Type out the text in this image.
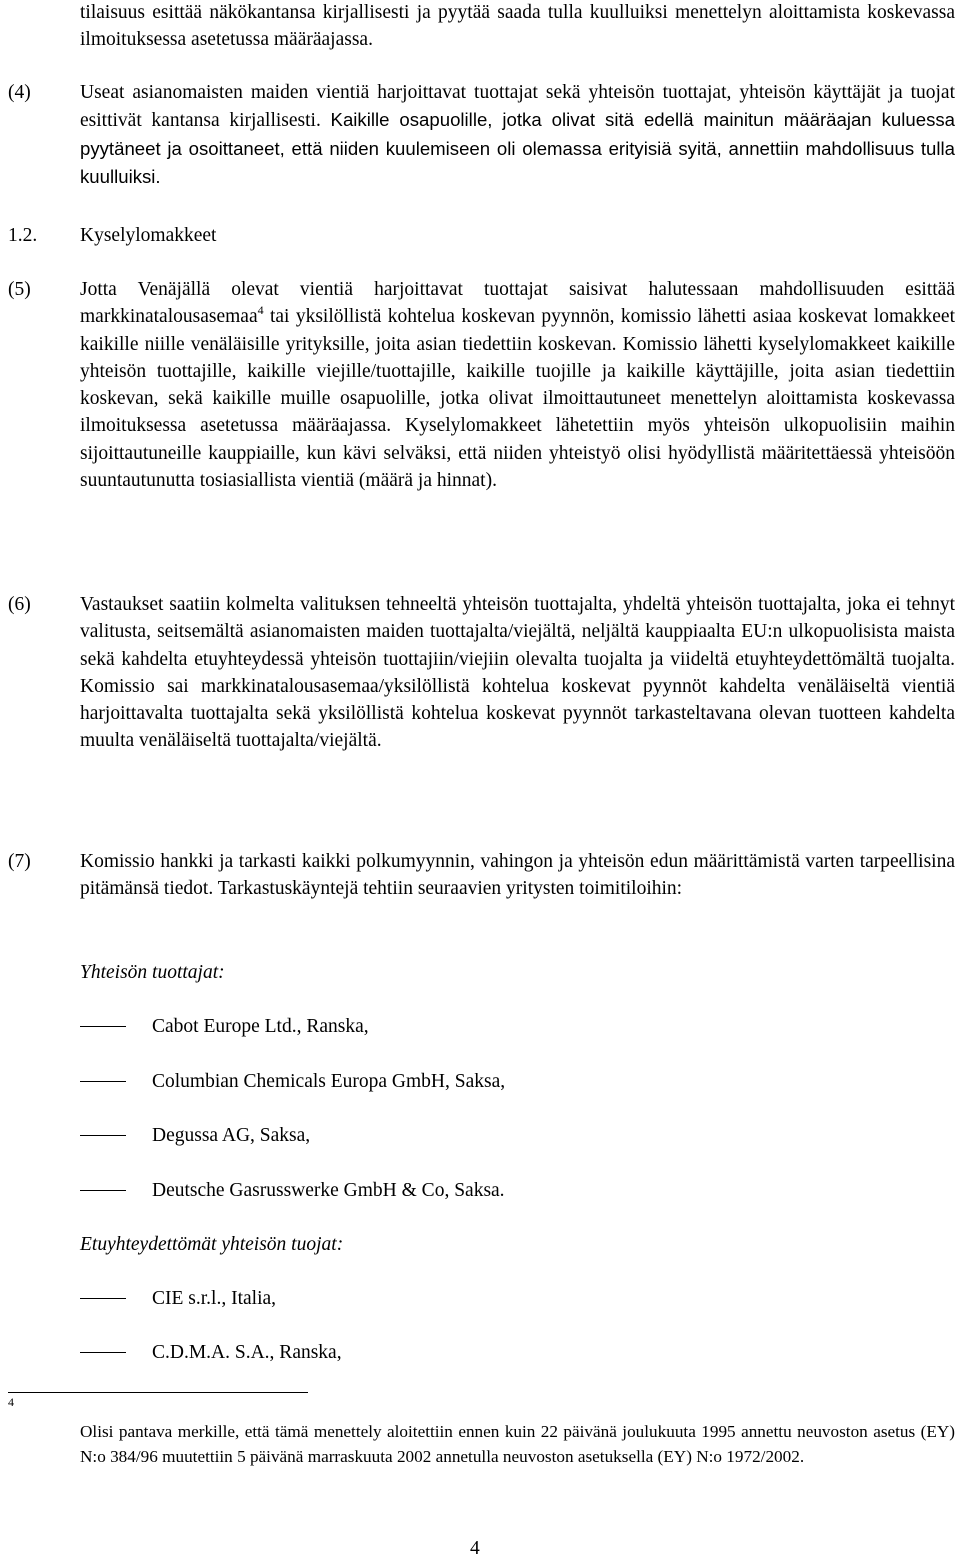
tilaisuus esittää näkökantansa kirjallisesti ja pyytää saada tulla kuulluiksi menettelyn aloittamista koskevassa ilmoituksessa asetetussa määräajassa.
(4)	Useat asianomaisten maiden vientiä harjoittavat tuottajat sekä yhteisön tuottajat, yhteisön käyttäjät ja tuojat esittivät kantansa kirjallisesti. Kaikille osapuolille, jotka olivat sitä edellä mainitun määräajan kuluessa pyytäneet ja osoittaneet, että niiden kuulemiseen oli olemassa erityisiä syitä, annettiin mahdollisuus tulla kuulluiksi.
1.2. Kyselylomakkeet
(5)	Jotta Venäjällä olevat vientiä harjoittavat tuottajat saisivat halutessaan mahdollisuuden esittää markkinatalousasemaa$^4$ tai yksilöllistä kohtelua koskevan pyynnön, komissio lähetti asiaa koskevat lomakkeet kaikille niille venäläisille yrityksille, joita asian tiedettiin koskevan. Komissio lähetti kyselylomakkeet kaikille yhteisön tuottajille, kaikille viejille/tuottajille, kaikille tuojille ja kaikille käyttäjille, joita asian tiedettiin koskevan, sekä kaikille muille osapuolille, jotka olivat ilmoittautuneet menettelyn aloittamista koskevassa ilmoituksessa asetetussa määräajassa. Kyselylomakkeet lähetettiin myös yhteisön ulkopuolisiin maihin sijoittautuneille kauppiaille, kun kävi selväksi, että niiden yhteistyö olisi hyödyllistä määritettäessä yhteisöön suuntautunutta tosiasiallista vientiä (määrä ja hinnat).
(6)	Vastaukset saatiin kolmelta valituksen tehneeltä yhteisön tuottajalta, yhdeltä yhteisön tuottajalta, joka ei tehnyt valitusta, seitsemältä asianomaisten maiden tuottajalta/viejältä, neljältä kauppiaalta EU:n ulkopuolisista maista sekä kahdelta etuyhteydessä yhteisön tuottajiin/viejiin olevalta tuojalta ja viideltä etuyhteydettömältä tuojalta. Komissio sai markkinatalousasemaa/yksilöllistä kohtelua koskevat pyynnöt kahdelta venäläiseltä vientiä harjoittavalta tuottajalta sekä yksilöllistä kohtelua koskevat pyynnöt tarkasteltavana olevan tuotteen kahdelta muulta venäläiseltä tuottajalta/viejältä.
(7)	Komissio hankki ja tarkasti kaikki polkumyynnin, vahingon ja yhteisön edun määrittämistä varten tarpeellisina pitämänsä tiedot. Tarkastuskäyntejä tehtiin seuraavien yritysten toimitiloihin:
Yhteisön tuottajat:
Cabot Europe Ltd., Ranska,
Columbian Chemicals Europa GmbH, Saksa,
Degussa AG, Saksa,
Deutsche Gasrusswerke GmbH & Co, Saksa.
Etuyhteydettömät yhteisön tuojat:
CIE s.r.l., Italia,
C.D.M.A. S.A., Ranska,
4
Olisi pantava merkille, että tämä menettely aloitettiin ennen kuin 22 päivänä joulukuuta 1995 annettu neuvoston asetus (EY) N:o 384/96 muutettiin 5 päivänä marraskuuta 2002 annetulla neuvoston asetuksella (EY) N:o 1972/2002.
4
